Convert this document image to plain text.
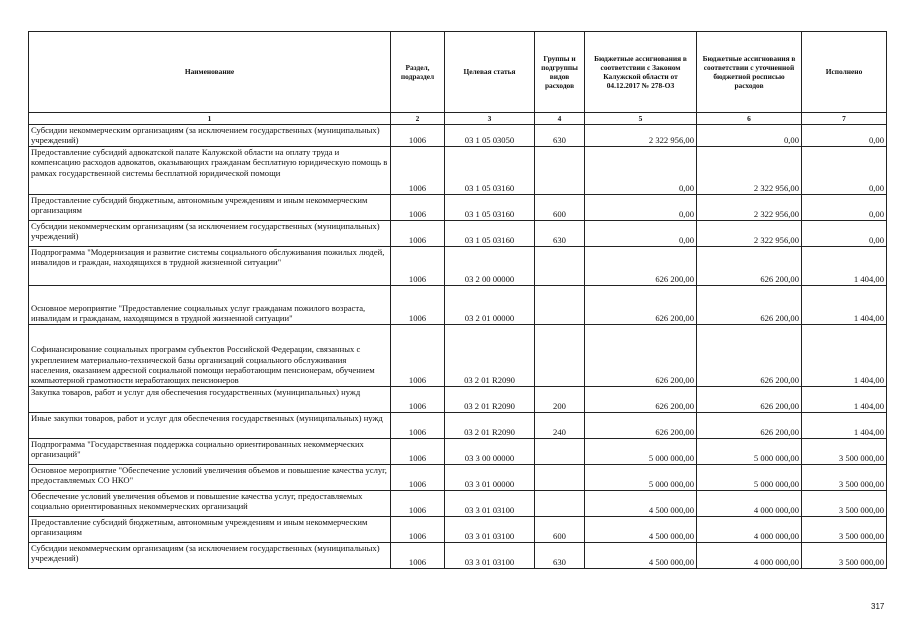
Наименование	Раздел, подраздел	Целевая статья	Группы и подгруппы видов расходов	Бюджетные ассигнования в соответствии с Законом Калужской области от 04.12.2017 № 278-ОЗ	Бюджетные ассигнования в соответствии с уточненной бюджетной росписью расходов	Исполнено
1	2	3	4	5	6	7
Субсидии некоммерческим организациям (за исключением государственных (муниципальных) учреждений)	1006	03 1 05 03050	630	2 322 956,00	0,00	0,00
Предоставление субсидий адвокатской палате Калужской области на оплату труда и компенсацию расходов адвокатов, оказывающих гражданам бесплатную юридическую помощь в рамках государственной системы бесплатной юридической помощи	1006	03 1 05 03160		0,00	2 322 956,00	0,00
Предоставление субсидий бюджетным, автономным учреждениям и иным некоммерческим организациям	1006	03 1 05 03160	600	0,00	2 322 956,00	0,00
Субсидии некоммерческим организациям (за исключением государственных (муниципальных) учреждений)	1006	03 1 05 03160	630	0,00	2 322 956,00	0,00
Подпрограмма "Модернизация и развитие системы социального обслуживания пожилых людей, инвалидов и граждан, находящихся в трудной жизненной ситуации"	1006	03 2 00 00000		626 200,00	626 200,00	1 404,00
Основное мероприятие "Предоставление социальных услуг гражданам пожилого возраста, инвалидам и гражданам, находящимся в трудной жизненной ситуации"	1006	03 2 01 00000		626 200,00	626 200,00	1 404,00
Софинансирование социальных программ субъектов Российской Федерации, связанных с укреплением материально-технической базы организаций социального обслуживания населения, оказанием адресной социальной помощи неработающим пенсионерам, обучением компьютерной грамотности неработающих пенсионеров	1006	03 2 01 R2090		626 200,00	626 200,00	1 404,00
Закупка товаров, работ и услуг для обеспечения государственных (муниципальных) нужд	1006	03 2 01 R2090	200	626 200,00	626 200,00	1 404,00
Иные закупки товаров, работ и услуг для обеспечения государственных (муниципальных) нужд	1006	03 2 01 R2090	240	626 200,00	626 200,00	1 404,00
Подпрограмма "Государственная поддержка социально ориентированных некоммерческих организаций"	1006	03 3 00 00000		5 000 000,00	5 000 000,00	3 500 000,00
Основное мероприятие "Обеспечение условий увеличения объемов и повышение качества услуг, предоставляемых СО НКО"	1006	03 3 01 00000		5 000 000,00	5 000 000,00	3 500 000,00
Обеспечение условий увеличения объемов и повышение качества услуг, предоставляемых социально ориентированных некоммерческих организаций	1006	03 3 01 03100		4 500 000,00	4 000 000,00	3 500 000,00
Предоставление субсидий бюджетным, автономным учреждениям и иным некоммерческим организациям	1006	03 3 01 03100	600	4 500 000,00	4 000 000,00	3 500 000,00
Субсидии некоммерческим организациям (за исключением государственных (муниципальных) учреждений)	1006	03 3 01 03100	630	4 500 000,00	4 000 000,00	3 500 000,00
317
